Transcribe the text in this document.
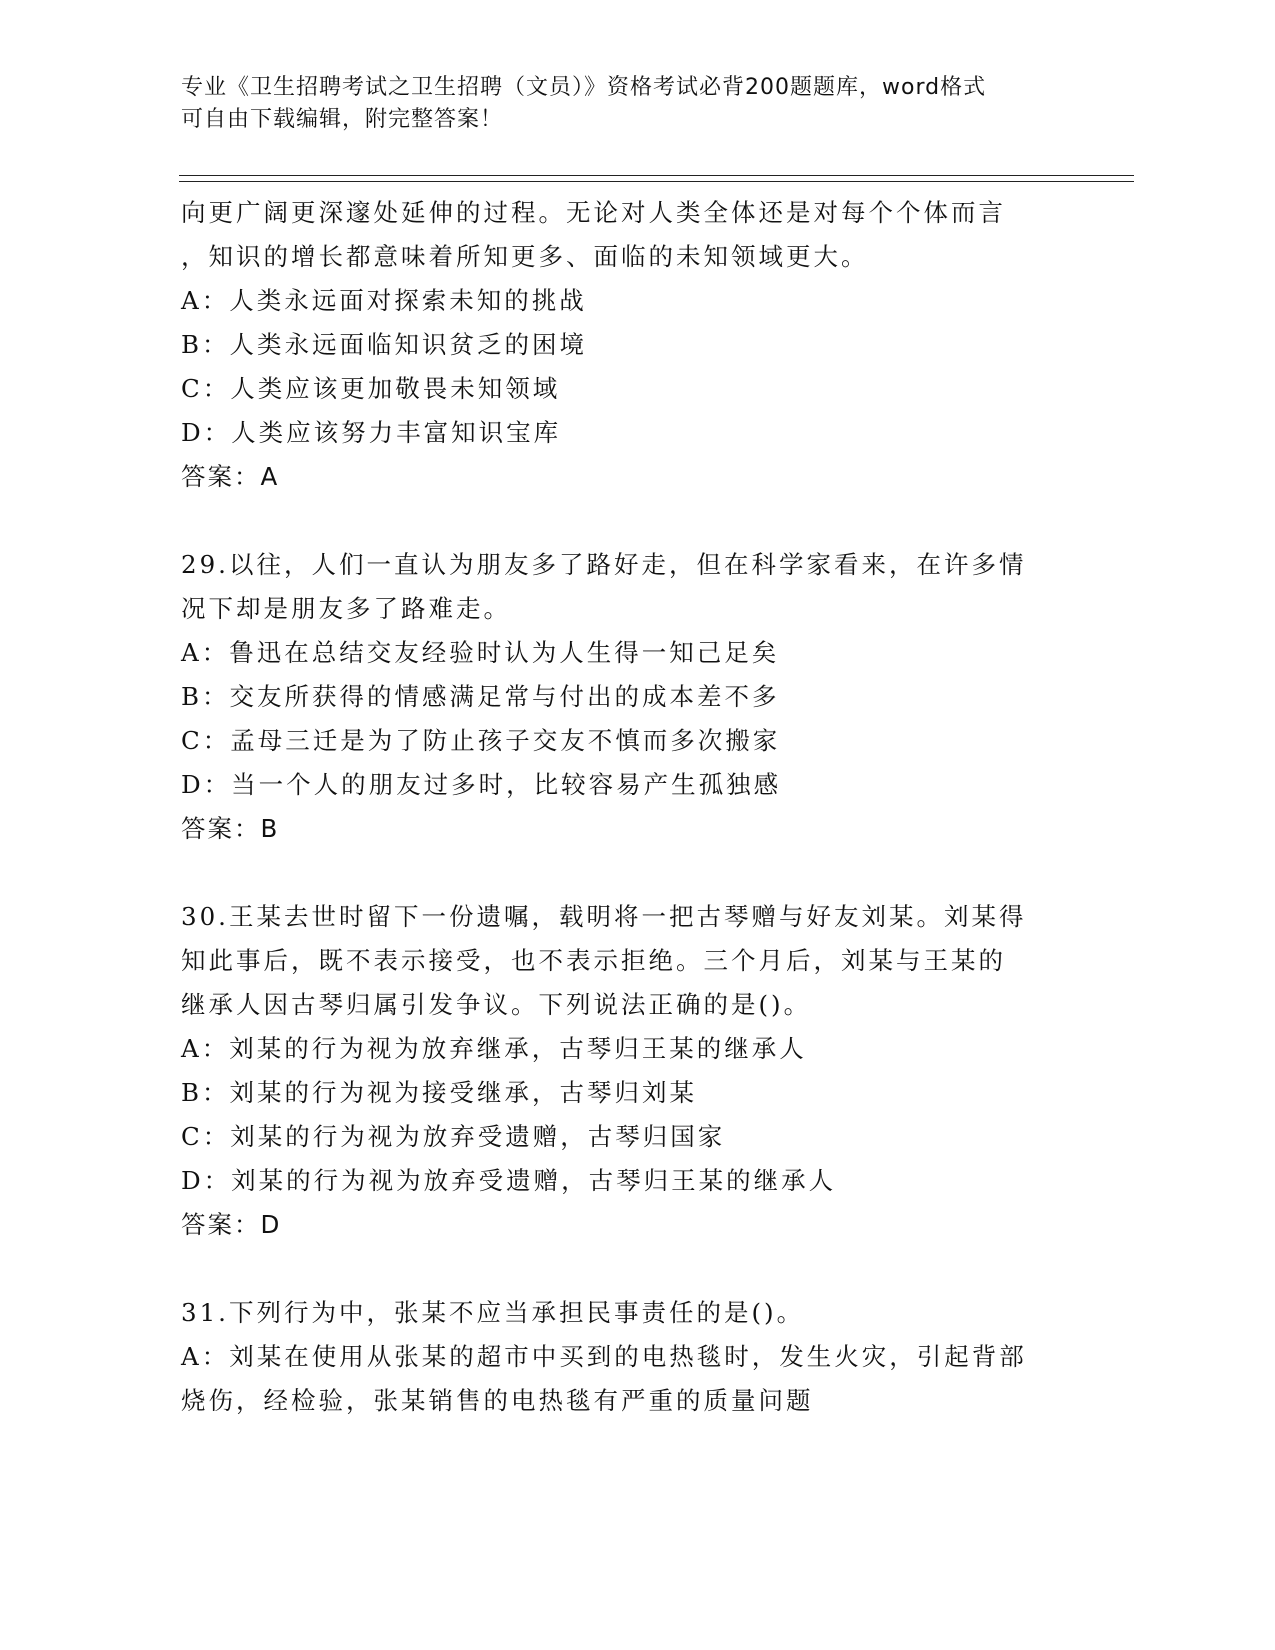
专业《卫生招聘考试之卫生招聘（文员）》资格考试必背200题题库，word格式
可自由下载编辑，附完整答案！
向更广阔更深邃处延伸的过程。无论对人类全体还是对每个个体而言
，知识的增长都意味着所知更多、面临的未知领域更大。
A：人类永远面对探索未知的挑战
B：人类永远面临知识贫乏的困境
C：人类应该更加敬畏未知领域
D：人类应该努力丰富知识宝库
答案：A
29.以往，人们一直认为朋友多了路好走，但在科学家看来，在许多情
况下却是朋友多了路难走。
A：鲁迅在总结交友经验时认为人生得一知己足矣
B：交友所获得的情感满足常与付出的成本差不多
C：孟母三迁是为了防止孩子交友不慎而多次搬家
D：当一个人的朋友过多时，比较容易产生孤独感
答案：B
30.王某去世时留下一份遗嘱，载明将一把古琴赠与好友刘某。刘某得
知此事后，既不表示接受，也不表示拒绝。三个月后，刘某与王某的
继承人因古琴归属引发争议。下列说法正确的是()。
A：刘某的行为视为放弃继承，古琴归王某的继承人
B：刘某的行为视为接受继承，古琴归刘某
C：刘某的行为视为放弃受遗赠，古琴归国家
D：刘某的行为视为放弃受遗赠，古琴归王某的继承人
答案：D
31.下列行为中，张某不应当承担民事责任的是()。
A：刘某在使用从张某的超市中买到的电热毯时，发生火灾，引起背部
烧伤，经检验，张某销售的电热毯有严重的质量问题
